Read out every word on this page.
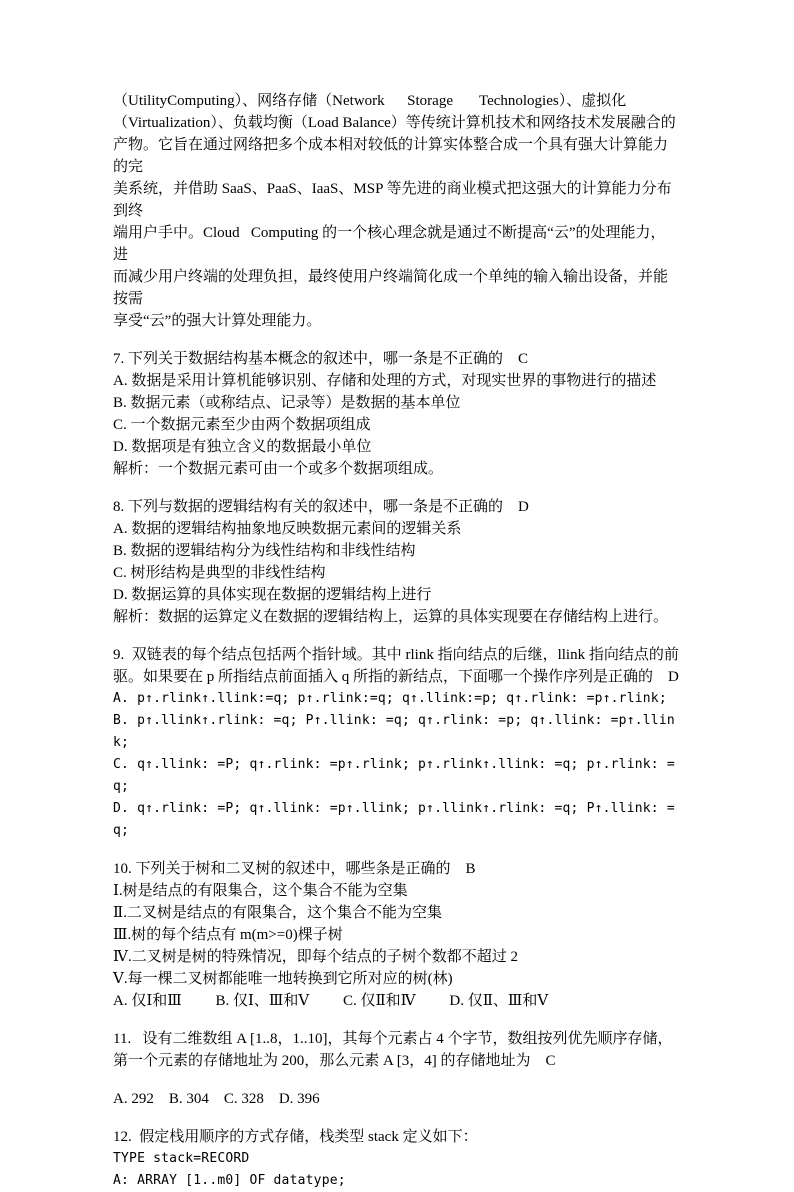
（UtilityComputing）、网络存储（Network      Storage       Technologies）、虚拟化
（Virtualization）、负载均衡（Load Balance）等传统计算机技术和网络技术发展融合的
产物。它旨在通过网络把多个成本相对较低的计算实体整合成一个具有强大计算能力的完
美系统，并借助 SaaS、PaaS、IaaS、MSP 等先进的商业模式把这强大的计算能力分布到终
端用户手中。Cloud   Computing 的一个核心理念就是通过不断提高“云”的处理能力，进
而减少用户终端的处理负担，最终使用户终端简化成一个单纯的输入输出设备，并能按需
享受“云”的强大计算处理能力。
7. 下列关于数据结构基本概念的叙述中，哪一条是不正确的    C
A. 数据是采用计算机能够识别、存储和处理的方式，对现实世界的事物进行的描述
B. 数据元素（或称结点、记录等）是数据的基本单位
C. 一个数据元素至少由两个数据项组成
D. 数据项是有独立含义的数据最小单位
解析：一个数据元素可由一个或多个数据项组成。
8. 下列与数据的逻辑结构有关的叙述中，哪一条是不正确的    D
A. 数据的逻辑结构抽象地反映数据元素间的逻辑关系
B. 数据的逻辑结构分为线性结构和非线性结构
C. 树形结构是典型的非线性结构
D. 数据运算的具体实现在数据的逻辑结构上进行
解析：数据的运算定义在数据的逻辑结构上，运算的具体实现要在存储结构上进行。
9.  双链表的每个结点包括两个指针域。其中 rlink 指向结点的后继，llink 指向结点的前
驱。如果要在 p 所指结点前面插入 q 所指的新结点，下面哪一个操作序列是正确的    D
A. p↑.rlink↑.llink:=q; p↑.rlink:=q; q↑.llink:=p; q↑.rlink: =p↑.rlink;
B. p↑.llink↑.rlink: =q; P↑.llink: =q; q↑.rlink: =p; q↑.llink: =p↑.llink;
C. q↑.llink: =P; q↑.rlink: =p↑.rlink; p↑.rlink↑.llink: =q; p↑.rlink: =q;
D. q↑.rlink: =P; q↑.llink: =p↑.llink; p↑.llink↑.rlink: =q; P↑.llink: =q;
10. 下列关于树和二叉树的叙述中，哪些条是正确的    B
Ⅰ.树是结点的有限集合，这个集合不能为空集
Ⅱ.二叉树是结点的有限集合，这个集合不能为空集
Ⅲ.树的每个结点有 m(m>=0)棵子树
Ⅳ.二叉树是树的特殊情况，即每个结点的子树个数都不超过 2
Ⅴ.每一棵二叉树都能唯一地转换到它所对应的树(林)
A. 仅Ⅰ和Ⅲ　　 B. 仅Ⅰ、Ⅲ和Ⅴ　　 C. 仅Ⅱ和Ⅳ　　 D. 仅Ⅱ、Ⅲ和Ⅴ
11.   设有二维数组 A [1..8，1..10]，其每个元素占 4 个字节，数组按列优先顺序存储，
第一个元素的存储地址为 200，那么元素 A [3，4] 的存储地址为    C
A. 292    B. 304    C. 328    D. 396
12.  假定栈用顺序的方式存储，栈类型 stack 定义如下：
TYPE stack=RECORD
A: ARRAY [1..m0] OF datatype;
